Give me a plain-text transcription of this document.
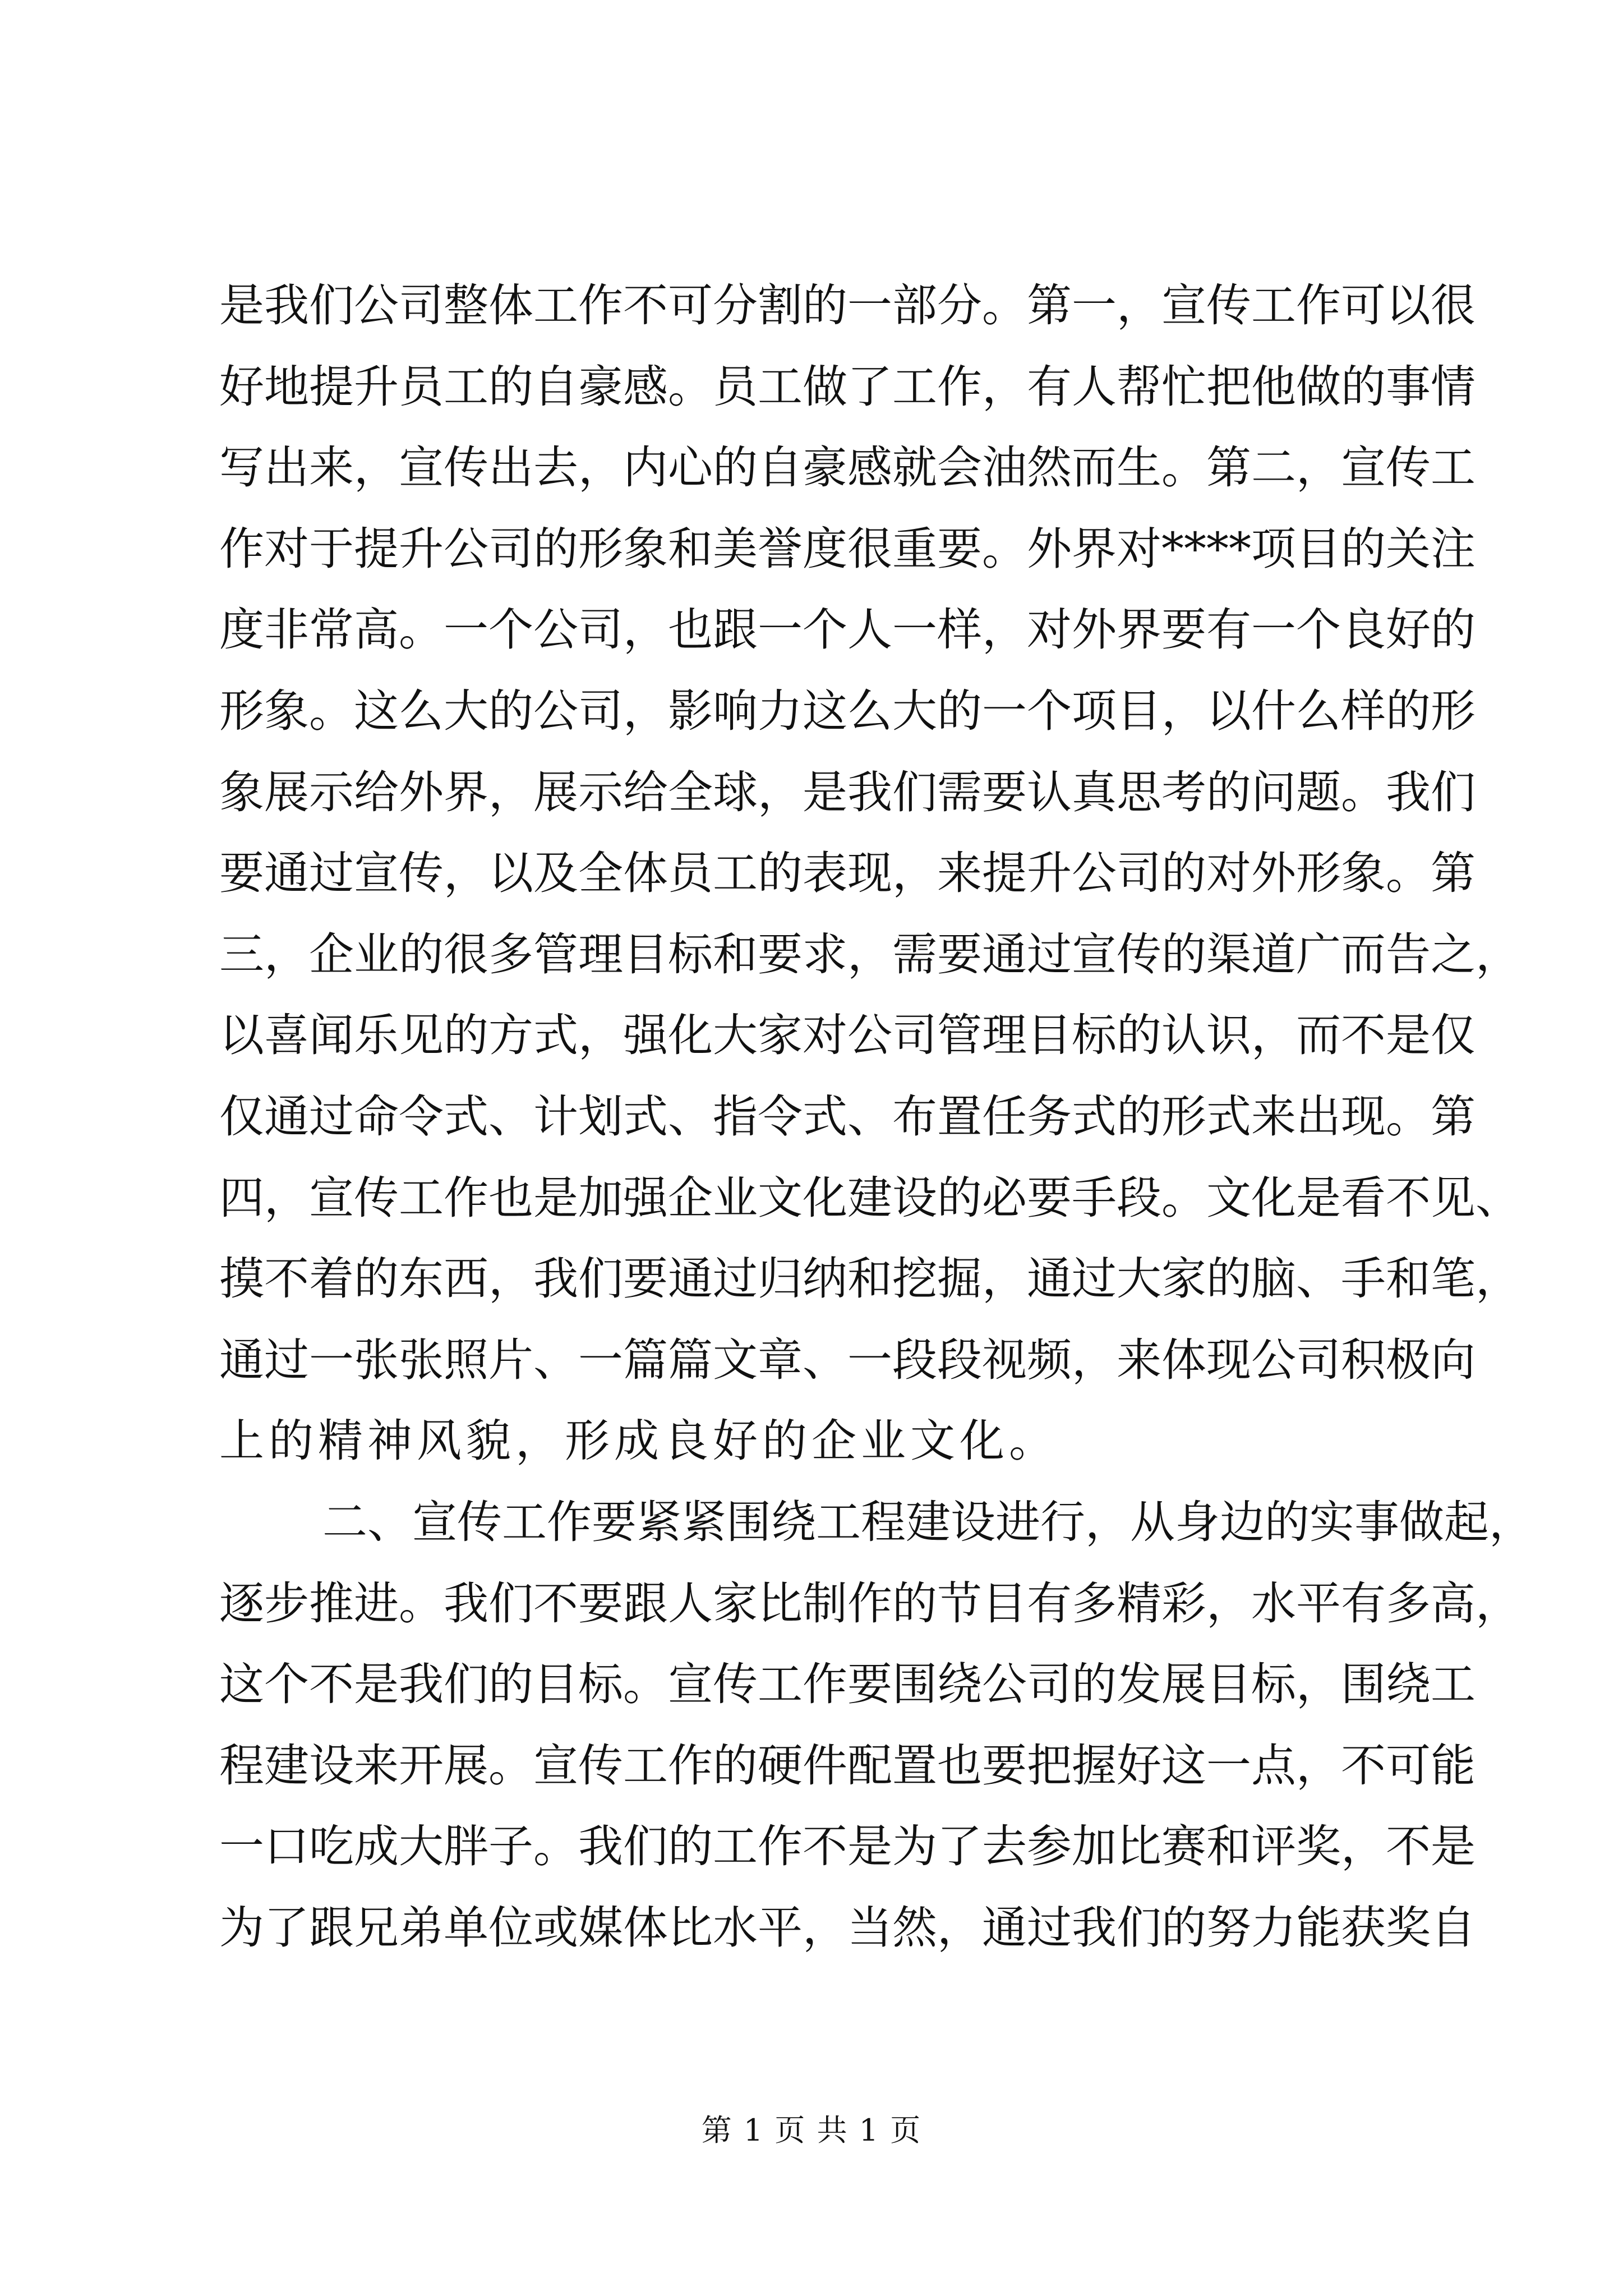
是我们公司整体工作不可分割的一部分。第一，宣传工作可以很
好地提升员工的自豪感。员工做了工作，有人帮忙把他做的事情
写出来，宣传出去，内心的自豪感就会油然而生。第二，宣传工
作对于提升公司的形象和美誉度很重要。外界对****项目的关注
度非常高。一个公司，也跟一个人一样，对外界要有一个良好的
形象。这么大的公司，影响力这么大的一个项目，以什么样的形
象展示给外界，展示给全球，是我们需要认真思考的问题。我们
要通过宣传，以及全体员工的表现，来提升公司的对外形象。第
三，企业的很多管理目标和要求，需要通过宣传的渠道广而告之，
以喜闻乐见的方式，强化大家对公司管理目标的认识，而不是仅
仅通过命令式、计划式、指令式、布置任务式的形式来出现。第
四，宣传工作也是加强企业文化建设的必要手段。文化是看不见、
摸不着的东西，我们要通过归纳和挖掘，通过大家的脑、手和笔，
通过一张张照片、一篇篇文章、一段段视频，来体现公司积极向
上的精神风貌，形成良好的企业文化。
二、宣传工作要紧紧围绕工程建设进行，从身边的实事做起，
逐步推进。我们不要跟人家比制作的节目有多精彩，水平有多高，
这个不是我们的目标。宣传工作要围绕公司的发展目标，围绕工
程建设来开展。宣传工作的硬件配置也要把握好这一点，不可能
一口吃成大胖子。我们的工作不是为了去参加比赛和评奖，不是
为了跟兄弟单位或媒体比水平，当然，通过我们的努力能获奖自
第 1 页 共 1 页
